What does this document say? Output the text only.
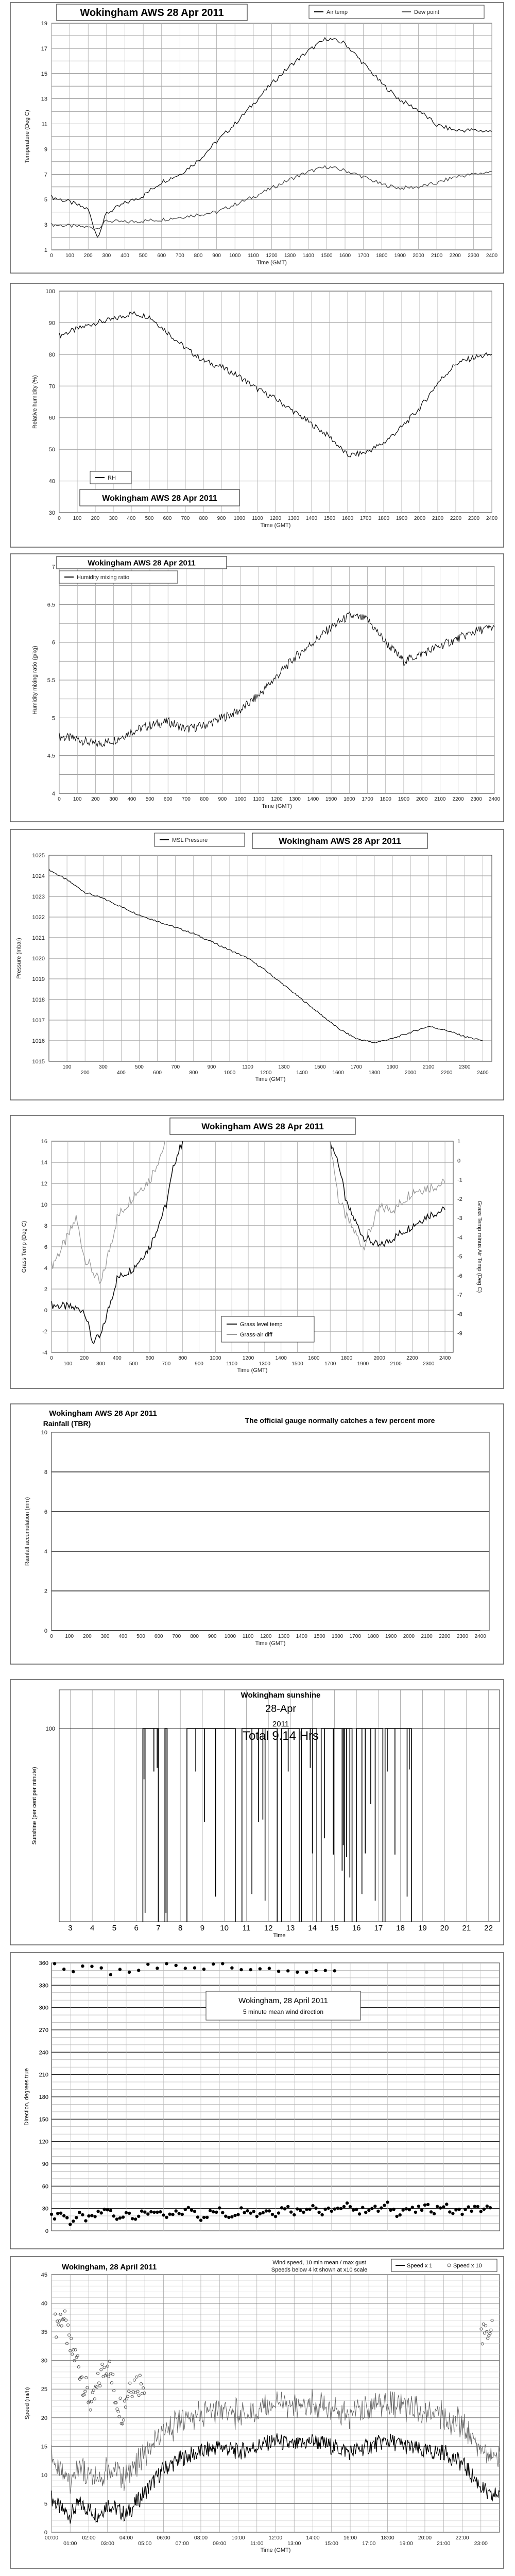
1
3
5
7
9
11
13
15
17
19
0 100 200 300 400 500 600 700 800 900 1000 1100 1200 1300 1400 1500 1600 1700 1800 1900 2000 2100 2200 2300 2400
Time (GMT)
Temperature (Deg C)
Wokingham AWS 28 Apr 2011	Air temp	Dew point
30
40
50
60
70
80
90
100
0 100 200 300 400 500 600 700 800 900 1000 1100 1200 1300 1400 1500 1600 1700 1800 1900 2000 2100 2200 2300 2400
Time (GMT)
Relative humidity (%)
RH
Wokingham AWS 28 Apr 2011
4
4.5
5
5.5
6
6.5
7
0 100 200 300 400 500 600 700 800 900 1000 1100 1200 1300 1400 1500 1600 1700 1800 1900 2000 2100 2200 2300 2400
Time (GMT)
Humidity mixing ratio (g/kg)
Wokingham AWS 28 Apr 2011
Humidity mixing ratio
1015
1016
1017
1018
1019
1020
1021
1022
1023
1024
1025
100
200
300
400
500
600
700
800
900
1000
1100
1200
1300
1400
1500
1600
1700
1800
1900
2000
2100
2200
2300
2400
Time (GMT)
Pressure (mbar)
MSL Pressure	Wokingham AWS 28 Apr 2011
-4
-2
0
2
4
6
8
10
12
14
16
0
100
200
300
400
500
600
700
800
900
1000
1100
1200
1300
1400
1500
1600
1700
1800
1900
2000
2100
2200
2300
2400
Time (GMT)
Grass Temp (Deg C)
-9
-8
-7
-6
-5
-4
-3
-2
-1
0
1
Grass Temp minus Air Temp (Deg C)
Wokingham AWS 28 Apr 2011
Grass level temp
Grass-air diff
0
2
4
6
8
10
0 100 200 300 400 500 600 700 800 900 1000 1100 1200 1300 1400 1500 1600 1700 1800 1900 2000 2100 2200 2300 2400
Time (GMT)
Rainfall accumulation (mm)
Wokingham AWS 28 Apr 2011
Rainfall (TBR)	The official gauge normally catches a few percent more
3 4 5 6 7 8 9 10 11 12 13 14 15 16 17 18 19 20 21 22
Time
100
Sunshine (per cent per minute)
Wokingham sunshine
28-Apr
2011
Total 9.14 Hrs
0
30
60
90
120
150
180
210
240
270
300
330
360
Direction, degrees true
Wokingham, 28 April 2011
5 minute mean wind direction
0
5
10
15
20
25
30
35
40
45
00:00
01:00
02:00
03:00
04:00
05:00
06:00
07:00
08:00
09:00
10:00
11:00
12:00
13:00
14:00
15:00
16:00
17:00
18:00
19:00
20:00
21:00
22:00
23:00
Time (GMT)
Speed (mi/h)
Wokingham, 28 April 2011	Wind speed, 10 min mean / max gust
Speeds below 4 kt shown at x10 scale
Speed x 1	Speed x 10
